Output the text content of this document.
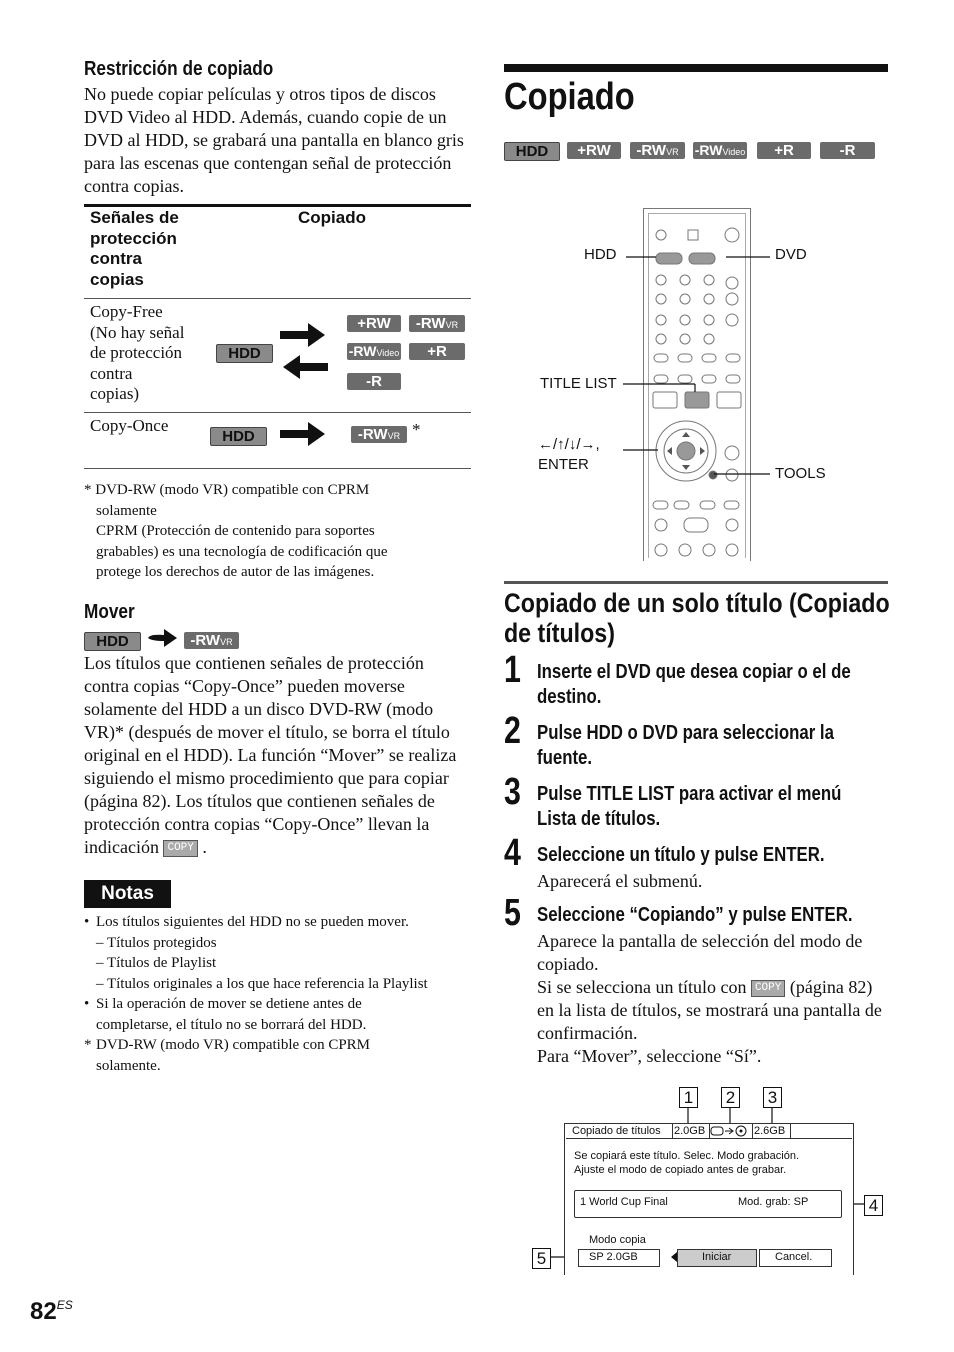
Restricción de copiado
No puede copiar películas y otros tipos de discos DVD Video al HDD. Además, cuando copie de un DVD al HDD, se grabará una pantalla en blanco gris para las escenas que contengan señal de protección contra copias.
Señales de
protección
contra
copias
Copiado
Copy-Free
(No hay señal
de protección
contra
copias)
HDD
+RW	-RWVR
-RWVideo	+R
-R
Copy-Once
HDD	-RWVR *
* DVD-RW (modo VR) compatible con CPRM
solamente
CPRM (Protección de contenido para soportes
grabables) es una tecnología de codificación que
protege los derechos de autor de las imágenes.
Mover
HDD	-RWVR
Los títulos que contienen señales de protección contra copias “Copy-Once” pueden moverse solamente del HDD a un disco DVD-RW (modo VR)* (después de mover el título, se borra el título original en el HDD). La función “Mover” se realiza siguiendo el mismo procedimiento que para copiar (página 82). Los títulos que contienen señales de protección contra copias “Copy-Once” llevan la indicación COPY .
Notas
• Los títulos siguientes del HDD no se pueden mover.
– Títulos protegidos
– Títulos de Playlist
– Títulos originales a los que hace referencia la Playlist
• Si la operación de mover se detiene antes de
completarse, el título no se borrará del HDD.
* DVD-RW (modo VR) compatible con CPRM
solamente.
$82^{ES}$
Copiado
HDD	+RW	-RWVR	-RWVideo	+R	-R
HDD	DVD
TITLE LIST
←/↑/↓/→,
ENTER
TOOLS
Copiado de un solo título (Copiado
de títulos)
1 Inserte el DVD que desea copiar o el de
destino.
2 Pulse HDD o DVD para seleccionar la
fuente.
3 Pulse TITLE LIST para activar el menú
Lista de títulos.
4 Seleccione un título y pulse ENTER.
Aparecerá el submenú.
5 Seleccione “Copiando” y pulse ENTER.
Aparece la pantalla de selección del modo de copiado.
Si se selecciona un título con COPY (página 82) en la lista de títulos, se mostrará una pantalla de confirmación.
Para “Mover”, seleccione “Sí”.
1 2 3
4
5
Copiado de títulos 2.0GB	2.6GB
Se copiará este título. Selec. Modo grabación.
Ajuste el modo de copiado antes de grabar.
1 World Cup Final	Mod. grab: SP
Modo copia
SP 2.0GB	Iniciar	Cancel.
